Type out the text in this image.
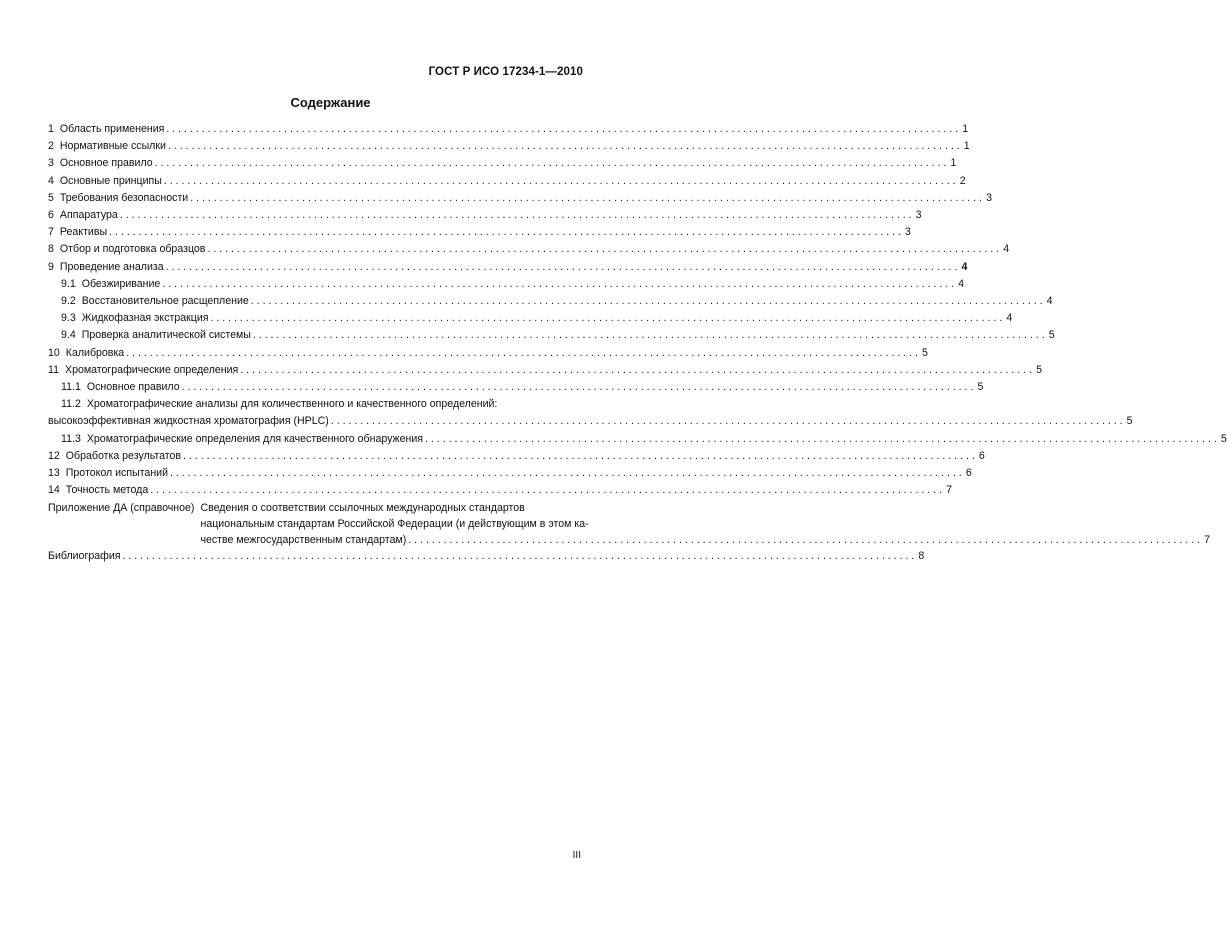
ГОСТ Р ИСО 17234-1—2010
Содержание
1 Область применения . . .	1
2 Нормативные ссылки . . .	1
3 Основное правило . . .	1
4 Основные принципы . . .	2
5 Требования безопасности . . .	3
6 Аппаратура . . .	3
7 Реактивы . . .	3
8 Отбор и подготовка образцов . . .	4
9 Проведение анализа . . .	4
9.1 Обезжиривание . . .	4
9.2 Восстановительное расщепление . . .	4
9.3 Жидкофазная экстракция . . .	4
9.4 Проверка аналитической системы . . .	5
10 Калибровка . . .	5
11 Хроматографические определения . . .	5
11.1 Основное правило . . .	5
11.2 Хроматографические анализы для количественного и качественного определений:
высокоэффективная жидкостная хроматография (HPLC) . . .	5
11.3 Хроматографические определения для качественного обнаружения . . .	5
12 Обработка результатов . . .	6
13 Протокол испытаний . . .	6
14 Точность метода . . .	7
Приложение ДА (справочное) Сведения о соответствии ссылочных международных стандартов
национальным стандартам Российской Федерации (и действующим в этом ка-
честве межгосударственным стандартам) . . .	7
Библиография . . .	8
III
